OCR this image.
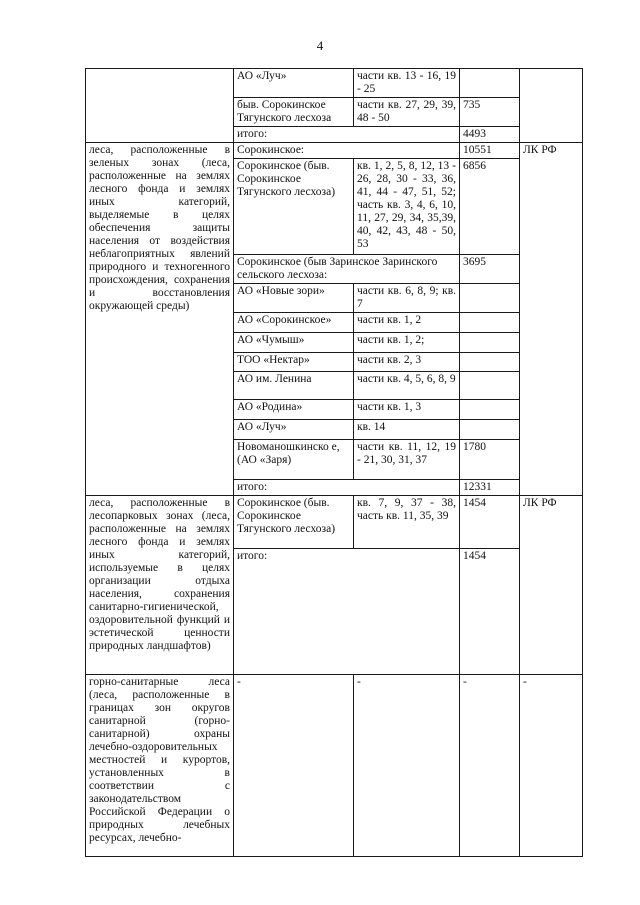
4
	АО «Луч»	части кв. 13 - 16, 19 - 25		
	быв. Сорокинское Тягунского лесхоза	части кв. 27, 29, 39, 48 - 50	735	
	итого:		4493	
леса, расположенные в зеленых зонах (леса, расположенные на землях лесного фонда и землях иных категорий, выделяемые в целях обеспечения защиты населения от воздействия неблагоприятных явлений природного и техногенного происхождения, сохранения и восстановления окружающей среды)	Сорокинское:		10551	ЛК РФ
	Сорокинское (быв. Сорокинское Тягунского лесхоза)	кв. 1, 2, 5, 8, 12, 13 - 26, 28, 30 - 33, 36, 41, 44 - 47, 51, 52; часть кв. 3, 4, 6, 10, 11, 27, 29, 34, 35,39, 40, 42, 43, 48 - 50, 53	6856	
	Сорокинское (быв Заринское Заринского сельского лесхоза:		3695	
	АО «Новые зори»	части кв. 6, 8, 9; кв. 7		
	АО «Сорокинское»	части кв. 1, 2		
	АО «Чумыш»	части кв. 1, 2;		
	ТОО «Нектар»	части кв. 2, 3		
	АО им. Ленина	части кв. 4, 5, 6, 8, 9		
	АО «Родина»	части кв. 1, 3		
	АО «Луч»	кв. 14		
	Новоманошкинско е, (АО «Заря)	части кв. 11, 12, 19 - 21, 30, 31, 37	1780	
	итого:		12331	
леса, расположенные в лесопарковых зонах (леса, расположенные на землях лесного фонда и землях иных категорий, используемые в целях организации отдыха населения, сохранения санитарно-гигиенической, оздоровительной функций и эстетической ценности природных ландшафтов)	Сорокинское (быв. Сорокинское Тягунского лесхоза)	кв. 7, 9, 37 - 38, часть кв. 11, 35, 39	1454	ЛК РФ
	итого:		1454	
горно-санитарные леса (леса, расположенные в границах зон округов санитарной (горно-санитарной) охраны лечебно-оздоровительных местностей и курортов, установленных в соответствии с законодательством Российской Федерации о природных лечебных ресурсах, лечебно-	-	-	-	-
